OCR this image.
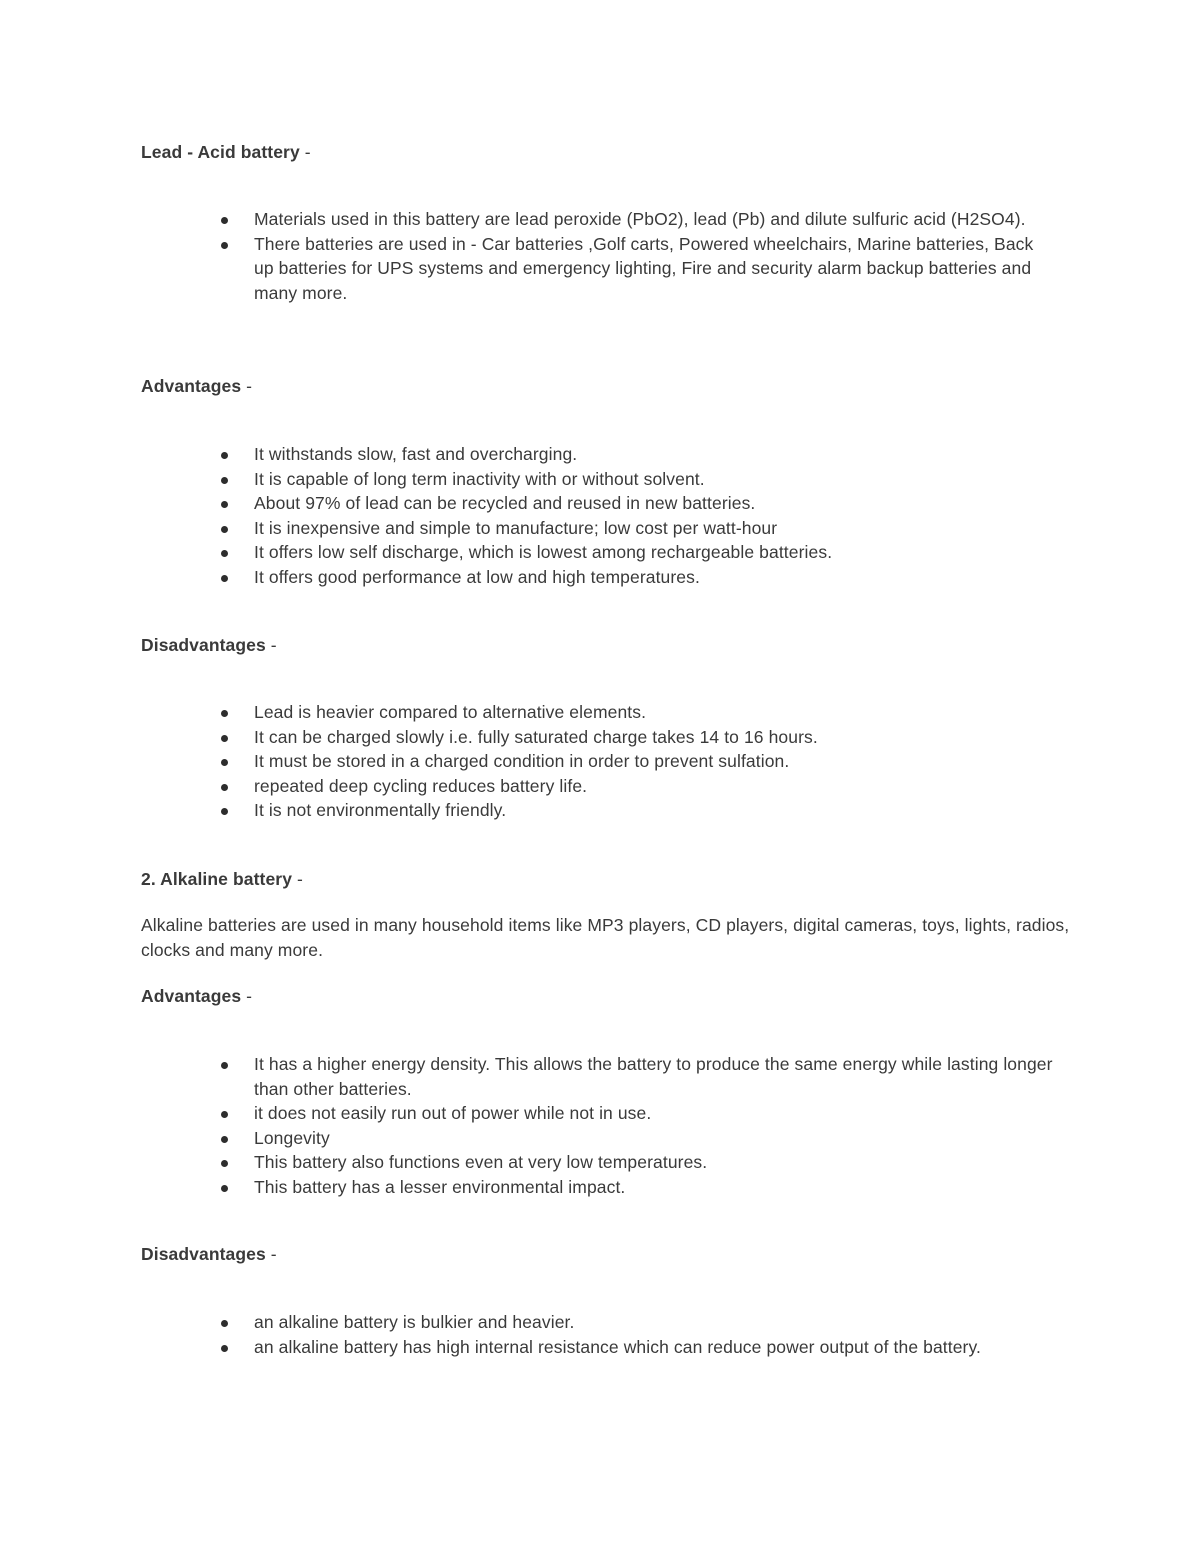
Lead - Acid battery -
Materials used in this battery are lead peroxide (PbO2), lead (Pb) and dilute sulfuric acid (H2SO4).
There batteries are used in - Car batteries ,Golf carts, Powered wheelchairs, Marine batteries, Back up batteries for UPS systems and emergency lighting, Fire and security alarm backup batteries and many more.
Advantages -
It withstands slow, fast and overcharging.
It is capable of long term inactivity with or without solvent.
About 97% of lead can be recycled and reused in new batteries.
It is inexpensive and simple to manufacture; low cost per watt-hour
It offers low self discharge, which is lowest among rechargeable batteries.
It offers good performance at low and high temperatures.
Disadvantages -
Lead is heavier compared to alternative elements.
It can be charged slowly i.e. fully saturated charge takes 14 to 16 hours.
It must be stored in a charged condition in order to prevent sulfation.
repeated deep cycling reduces battery life.
It is not environmentally friendly.
2. Alkaline battery -

Alkaline batteries are used in many household items like MP3 players, CD players, digital cameras, toys, lights, radios, clocks and many more.

Advantages -
It has a higher energy density. This allows the battery to produce the same energy while lasting longer than other batteries.
it does not easily run out of power while not in use.
Longevity
This battery also functions even at very low temperatures.
This battery has a lesser environmental impact.
Disadvantages -
an alkaline battery is bulkier and heavier.
an alkaline battery has high internal resistance which can reduce power output of the battery.
